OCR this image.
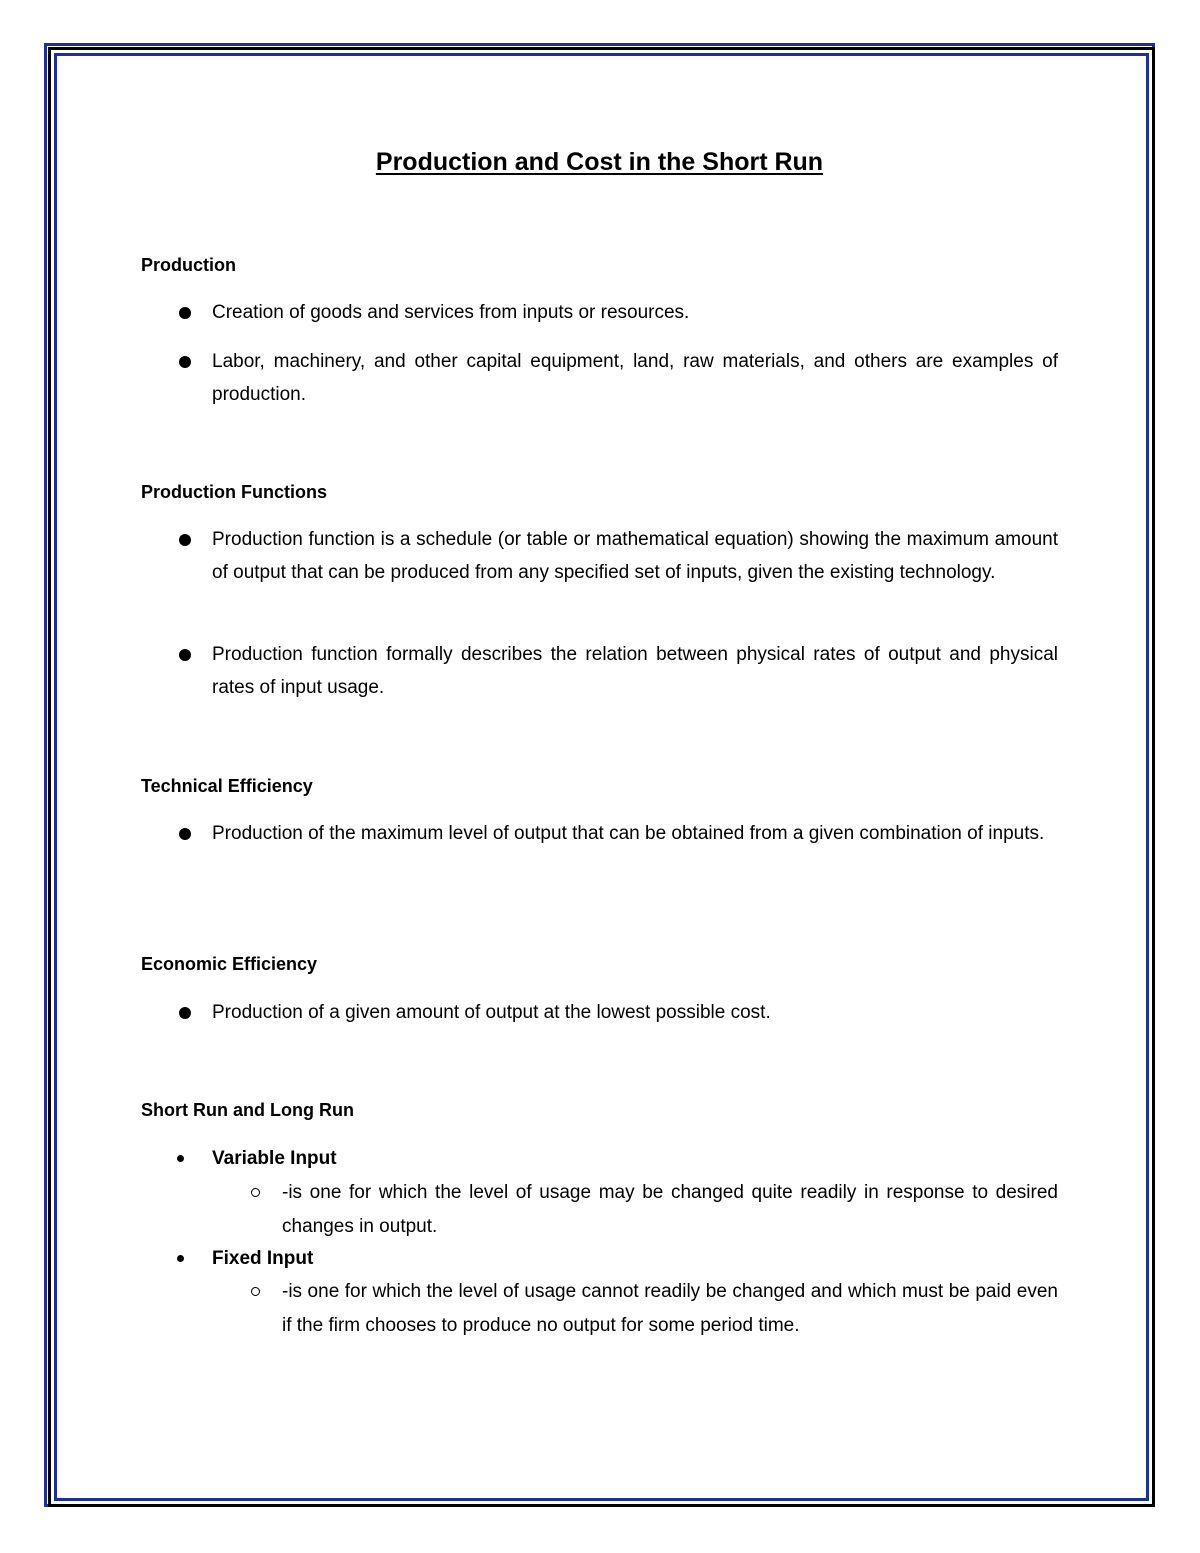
Production and Cost in the Short Run
Production
Creation of goods and services from inputs or resources.
Labor, machinery, and other capital equipment, land, raw materials, and others are examples of production.
Production Functions
Production function is a schedule (or table or mathematical equation) showing the maximum amount of output that can be produced from any specified set of inputs, given the existing technology.
Production function formally describes the relation between physical rates of output and physical rates of input usage.
Technical Efficiency
Production of the maximum level of output that can be obtained from a given combination of inputs.
Economic Efficiency
Production of a given amount of output at the lowest possible cost.
Short Run and Long Run
Variable Input
-is one for which the level of usage may be changed quite readily in response to desired changes in output.
Fixed Input
-is one for which the level of usage cannot readily be changed and which must be paid even if the firm chooses to produce no output for some period time.
